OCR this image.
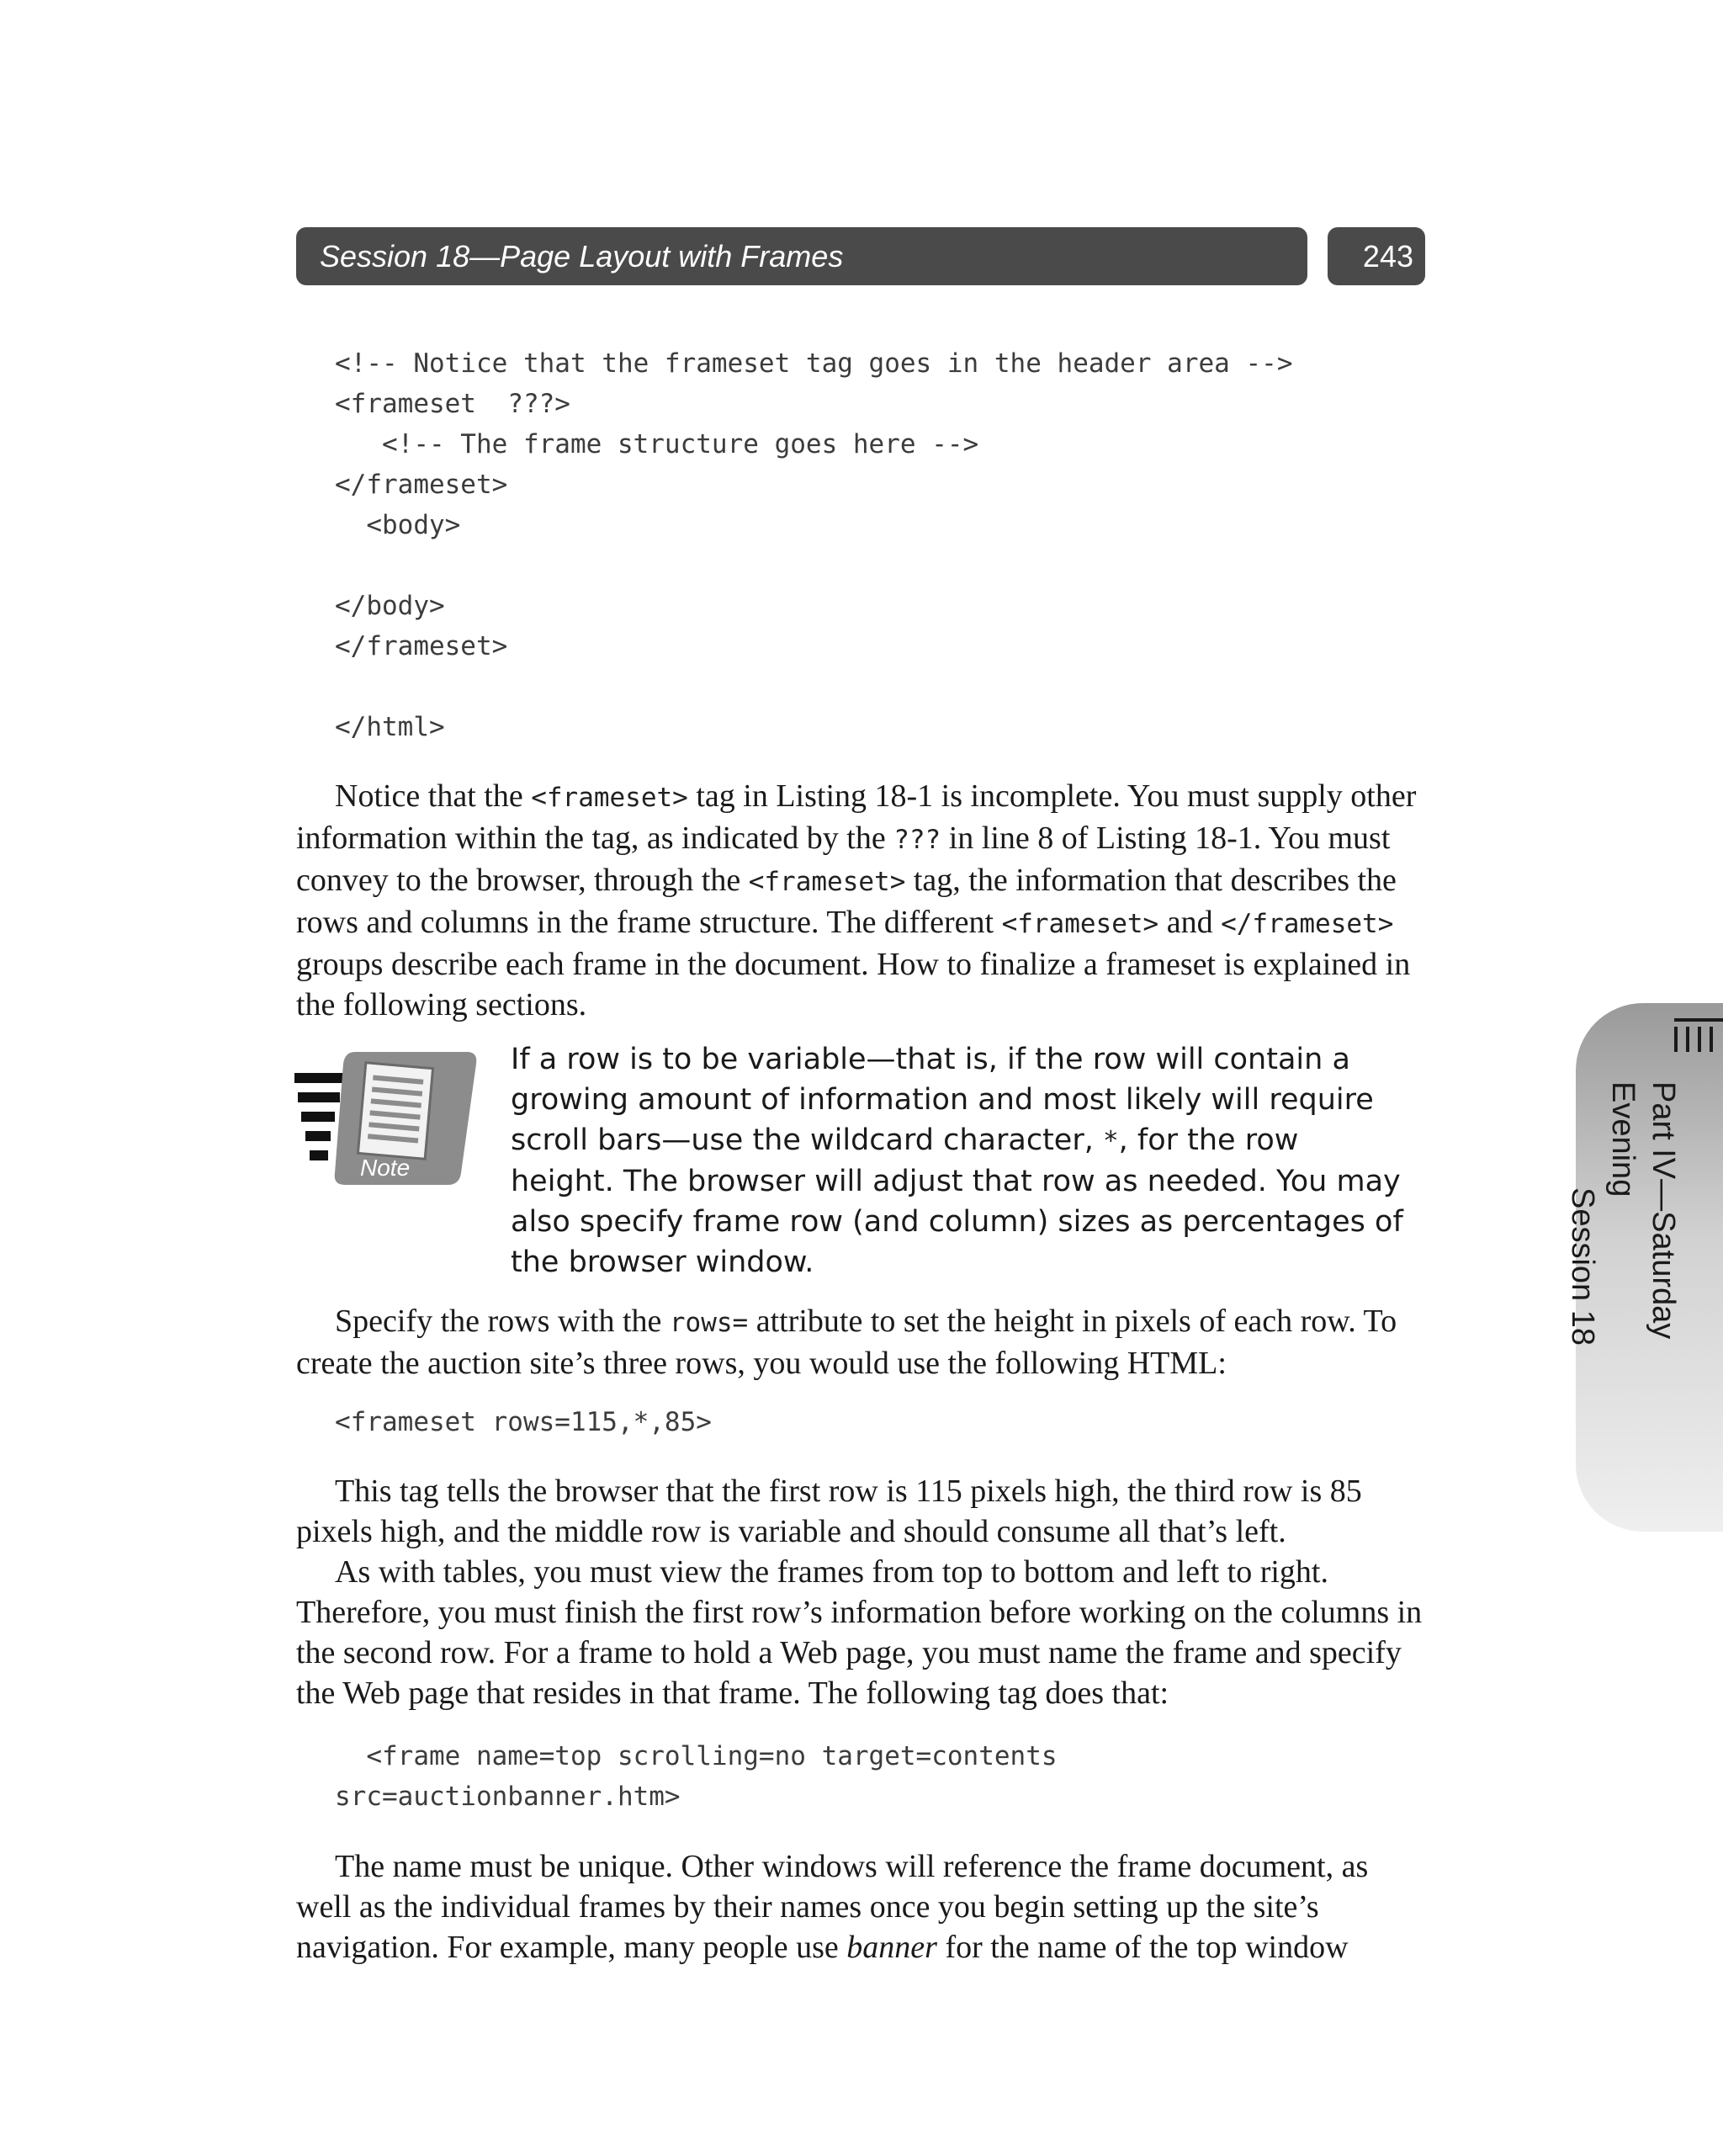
Session 18—Page Layout with Frames	243
<!-- Notice that the frameset tag goes in the header area -->
<frameset  ???>
<!-- The frame structure goes here -->
</frameset>
<body>

</body>
</frameset>

</html>

Notice that the <frameset> tag in Listing 18-1 is incomplete. You must supply other information within the tag, as indicated by the ??? in line 8 of Listing 18-1. You must convey to the browser, through the <frameset> tag, the information that describes the rows and columns in the frame structure. The different <frameset> and </frameset> groups describe each frame in the document. How to finalize a frameset is explained in the following sections.

Note

If a row is to be variable—that is, if the row will contain a growing amount of information and most likely will require scroll bars—use the wildcard character, *, for the row height. The browser will adjust that row as needed. You may also specify frame row (and column) sizes as percentages of the browser window.

Specify the rows with the rows= attribute to set the height in pixels of each row. To create the auction site’s three rows, you would use the following HTML:

<frameset rows=115,*,85>

This tag tells the browser that the first row is 115 pixels high, the third row is 85 pixels high, and the middle row is variable and should consume all that’s left.

As with tables, you must view the frames from top to bottom and left to right. Therefore, you must finish the first row’s information before working on the columns in the second row. For a frame to hold a Web page, you must name the frame and specify the Web page that resides in that frame. The following tag does that:

<frame name=top scrolling=no target=contents
src=auctionbanner.htm>

The name must be unique. Other windows will reference the frame document, as well as the individual frames by their names once you begin setting up the site’s navigation. For example, many people use banner for the name of the top window

Part IV—Saturday Evening
Session 18
